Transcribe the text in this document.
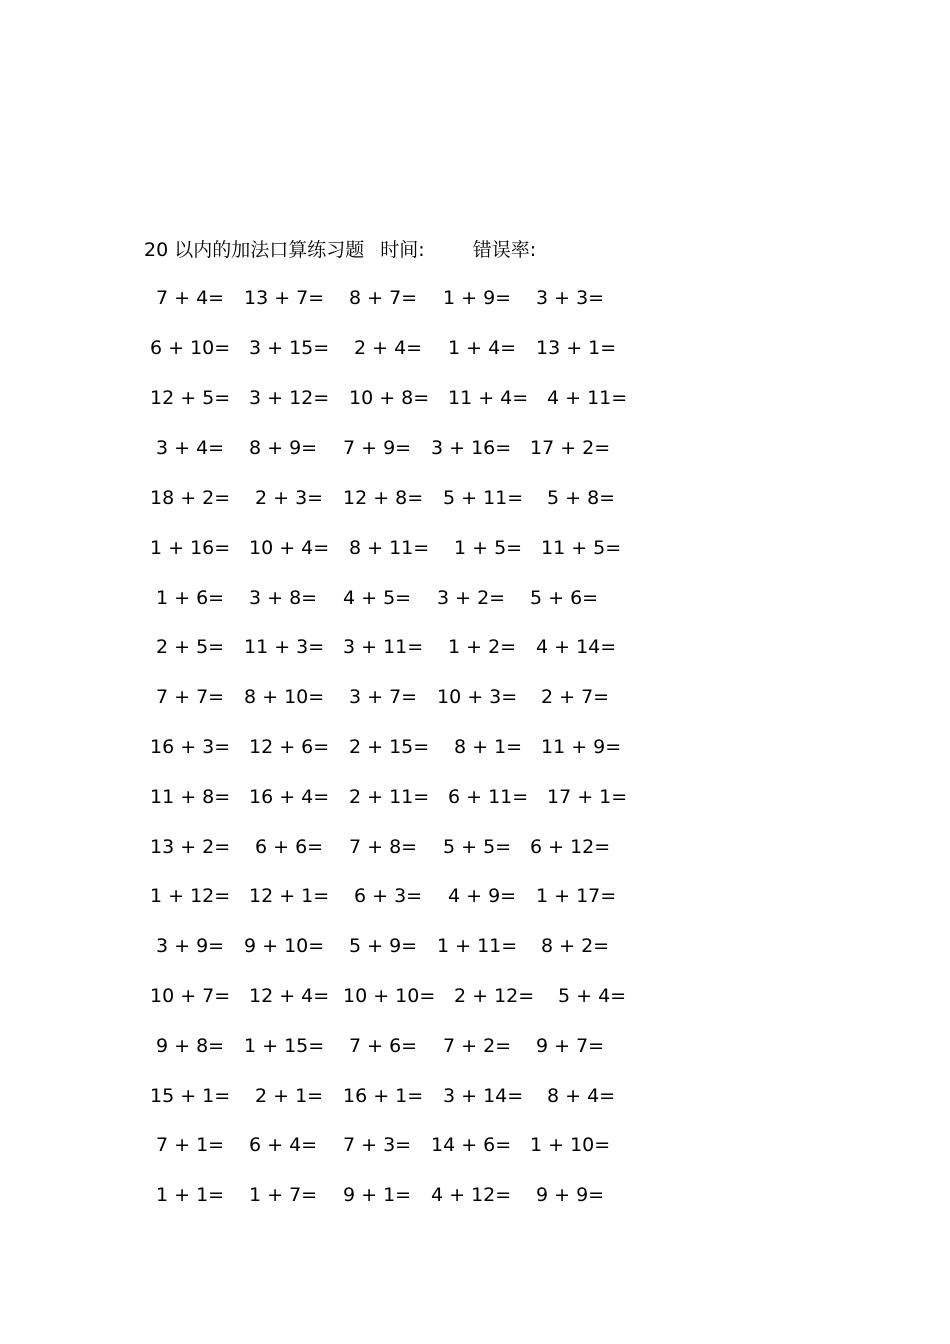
20 以内的加法口算练习题 时间:	错误率:
7 + 4= 13 + 7= 8 + 7= 1 + 9= 3 + 3=
6 + 10= 3 + 15= 2 + 4= 1 + 4= 13 + 1=
12 + 5= 3 + 12= 10 + 8= 11 + 4= 4 + 11=
3 + 4= 8 + 9= 7 + 9= 3 + 16= 17 + 2=
18 + 2= 2 + 3= 12 + 8= 5 + 11= 5 + 8=
1 + 16= 10 + 4= 8 + 11= 1 + 5= 11 + 5=
1 + 6= 3 + 8= 4 + 5= 3 + 2= 5 + 6=
2 + 5= 11 + 3= 3 + 11= 1 + 2= 4 + 14=
7 + 7= 8 + 10= 3 + 7= 10 + 3= 2 + 7=
16 + 3= 12 + 6= 2 + 15= 8 + 1= 11 + 9=
11 + 8= 16 + 4= 2 + 11= 6 + 11= 17 + 1=
13 + 2= 6 + 6= 7 + 8= 5 + 5= 6 + 12=
1 + 12= 12 + 1= 6 + 3= 4 + 9= 1 + 17=
3 + 9= 9 + 10= 5 + 9= 1 + 11= 8 + 2=
10 + 7= 12 + 4= 10 + 10= 2 + 12= 5 + 4=
9 + 8= 1 + 15= 7 + 6= 7 + 2= 9 + 7=
15 + 1= 2 + 1= 16 + 1= 3 + 14= 8 + 4=
7 + 1= 6 + 4= 7 + 3= 14 + 6= 1 + 10=
1 + 1= 1 + 7= 9 + 1= 4 + 12= 9 + 9=
